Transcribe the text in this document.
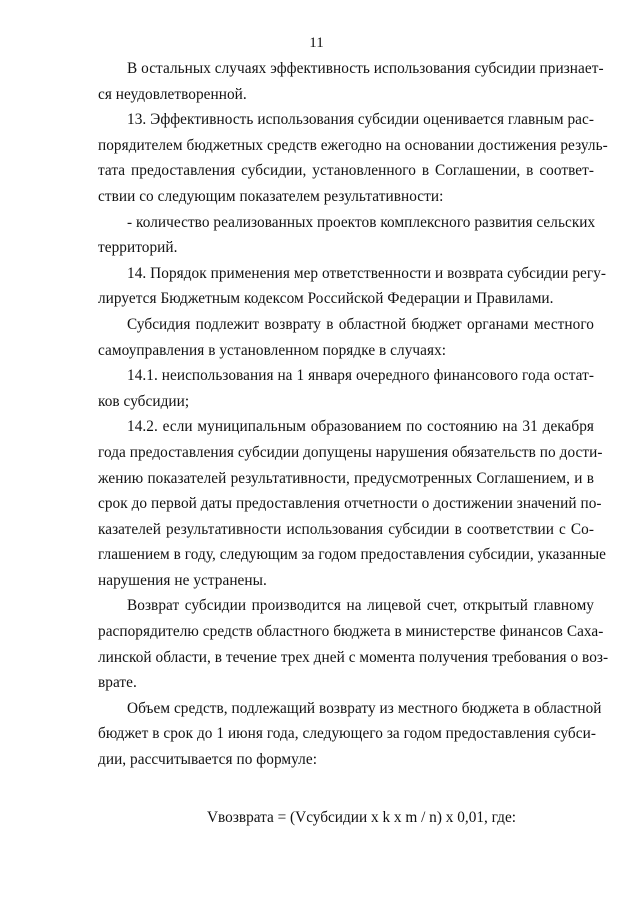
11
В остальных случаях эффективность использования субсидии признает-
ся неудовлетворенной.
13. Эффективность использования субсидии оценивается главным рас-
порядителем бюджетных средств ежегодно на основании достижения резуль-
тата предоставления субсидии, установленного в Соглашении, в соответ-
ствии со следующим показателем результативности:
- количество реализованных проектов комплексного развития сельских
территорий.
14. Порядок применения мер ответственности и возврата субсидии регу-
лируется Бюджетным кодексом Российской Федерации и Правилами.
Субсидия подлежит возврату в областной бюджет органами местного
самоуправления в установленном порядке в случаях:
14.1. неиспользования на 1 января очередного финансового года остат-
ков субсидии;
14.2. если муниципальным образованием по состоянию на 31 декабря
года предоставления субсидии допущены нарушения обязательств по дости-
жению показателей результативности, предусмотренных Соглашением, и в
срок до первой даты предоставления отчетности о достижении значений по-
казателей результативности использования субсидии в соответствии с Со-
глашением в году, следующим за годом предоставления субсидии, указанные
нарушения не устранены.
Возврат субсидии производится на лицевой счет, открытый главному
распорядителю средств областного бюджета в министерстве финансов Саха-
линской области, в течение трех дней с момента получения требования о воз-
врате.
Объем средств, подлежащий возврату из местного бюджета в областной
бюджет в срок до 1 июня года, следующего за годом предоставления субси-
дии, рассчитывается по формуле:
Vвозврата = (Vсубсидии x k x m / n) x 0,01, где:
